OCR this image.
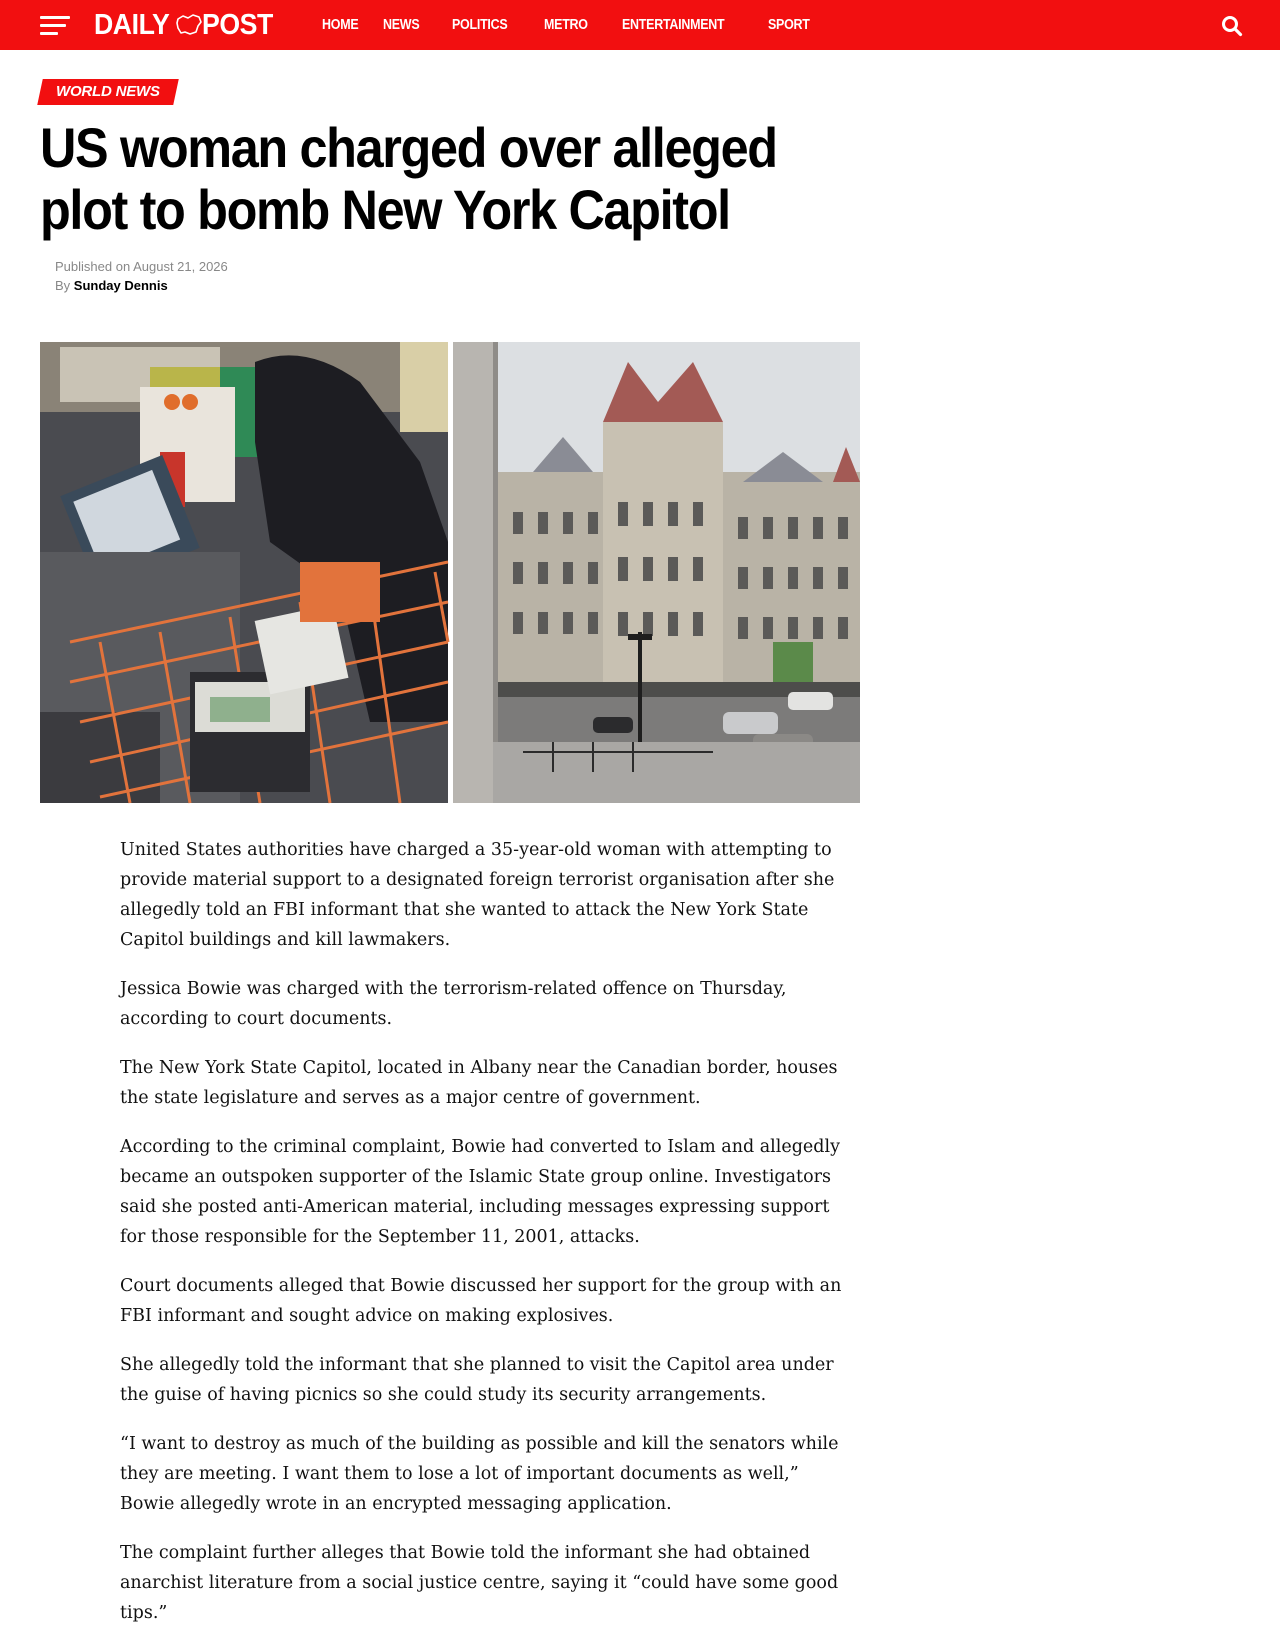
DAILY POST	HOME NEWS POLITICS METRO ENTERTAINMENT	SPORT
WORLD NEWS
US woman charged over alleged plot to bomb New York Capitol
Published on August 21, 2026
By Sunday Dennis

United States authorities have charged a 35-year-old woman with attempting to provide material support to a designated foreign terrorist organisation after she allegedly told an FBI informant that she wanted to attack the New York State Capitol buildings and kill lawmakers.

Jessica Bowie was charged with the terrorism-related offence on Thursday, according to court documents.

The New York State Capitol, located in Albany near the Canadian border, houses the state legislature and serves as a major centre of government.

According to the criminal complaint, Bowie had converted to Islam and allegedly became an outspoken supporter of the Islamic State group online. Investigators said she posted anti-American material, including messages expressing support for those responsible for the September 11, 2001, attacks.

Court documents alleged that Bowie discussed her support for the group with an FBI informant and sought advice on making explosives.

She allegedly told the informant that she planned to visit the Capitol area under the guise of having picnics so she could study its security arrangements.

“I want to destroy as much of the building as possible and kill the senators while they are meeting. I want them to lose a lot of important documents as well,” Bowie allegedly wrote in an encrypted messaging application.

The complaint further alleges that Bowie told the informant she had obtained anarchist literature from a social justice centre, saying it “could have some good tips.”
